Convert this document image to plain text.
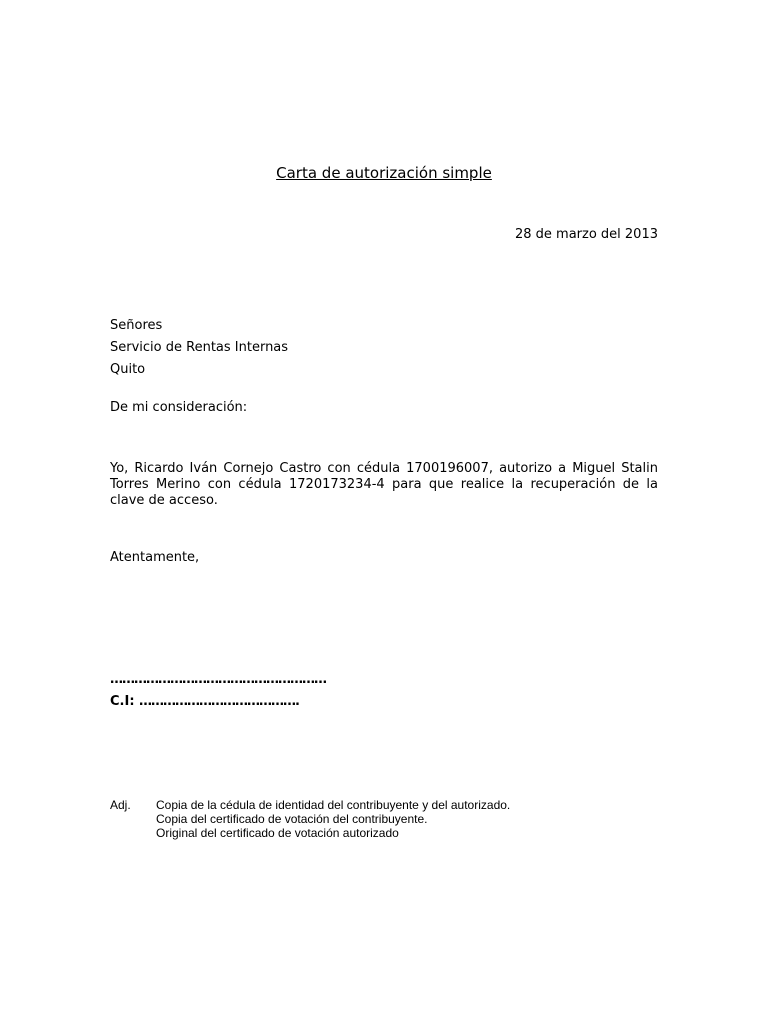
Carta de autorización simple
28 de marzo del 2013
Señores
Servicio de Rentas Internas
Quito
De mi consideración:
Yo, Ricardo Iván Cornejo Castro con cédula 1700196007, autorizo a Miguel Stalin Torres Merino con cédula 1720173234-4 para que realice la recuperación de la clave de acceso.
Atentamente,
………………………………………………
C.I: ………………………………….
Adj. Copia de la cédula de identidad del contribuyente y del autorizado.
Copia del certificado de votación del contribuyente.
Original del certificado de votación autorizado
